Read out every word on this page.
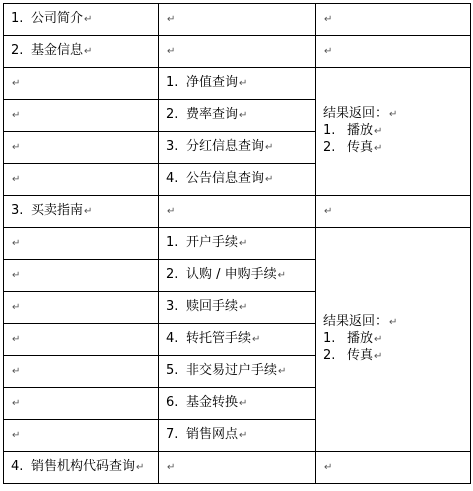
1. 公司简介↵	↵	↵
2. 基金信息↵	↵	↵
↵	1. 净值查询↵	结果返回：↵
1. 播放↵
2. 传真↵

↵	2. 费率查询↵	
↵	3. 分红信息查询↵	
↵	4. 公告信息查询↵	
3. 买卖指南↵	↵	↵
↵	1. 开户手续↵	结果返回：↵
1. 播放↵
2. 传真↵

↵	2. 认购 / 申购手续↵	
↵	3. 赎回手续↵	
↵	4. 转托管手续↵	
↵	5. 非交易过户手续↵	
↵	6. 基金转换↵	
↵	7. 销售网点↵	
4. 销售机构代码查询↵	↵	↵
